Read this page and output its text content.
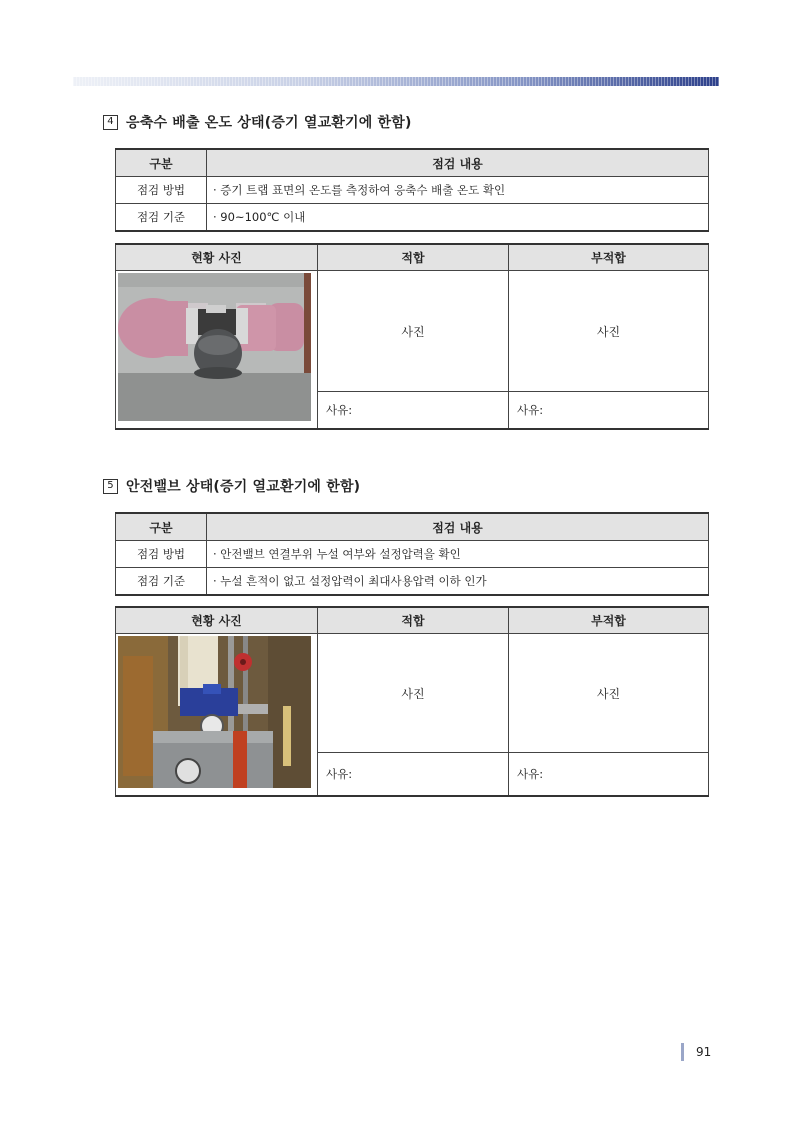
4 응축수 배출 온도 상태(증기 열교환기에 한함)
구분	점검 내용
점검 방법	· 증기 트랩 표면의 온도를 측정하여 응축수 배출 온도 확인
점검 기준	· 90~100℃ 이내
현황 사진	적합	부적합
	사진	사진
	사유:	사유:
5 안전밸브 상태(증기 열교환기에 한함)
구분	점검 내용
점검 방법	· 안전밸브 연결부위 누설 여부와 설정압력을 확인
점검 기준	· 누설 흔적이 없고 설정압력이 최대사용압력 이하 인가
현황 사진	적합	부적합
	사진	사진
	사유:	사유:
91
